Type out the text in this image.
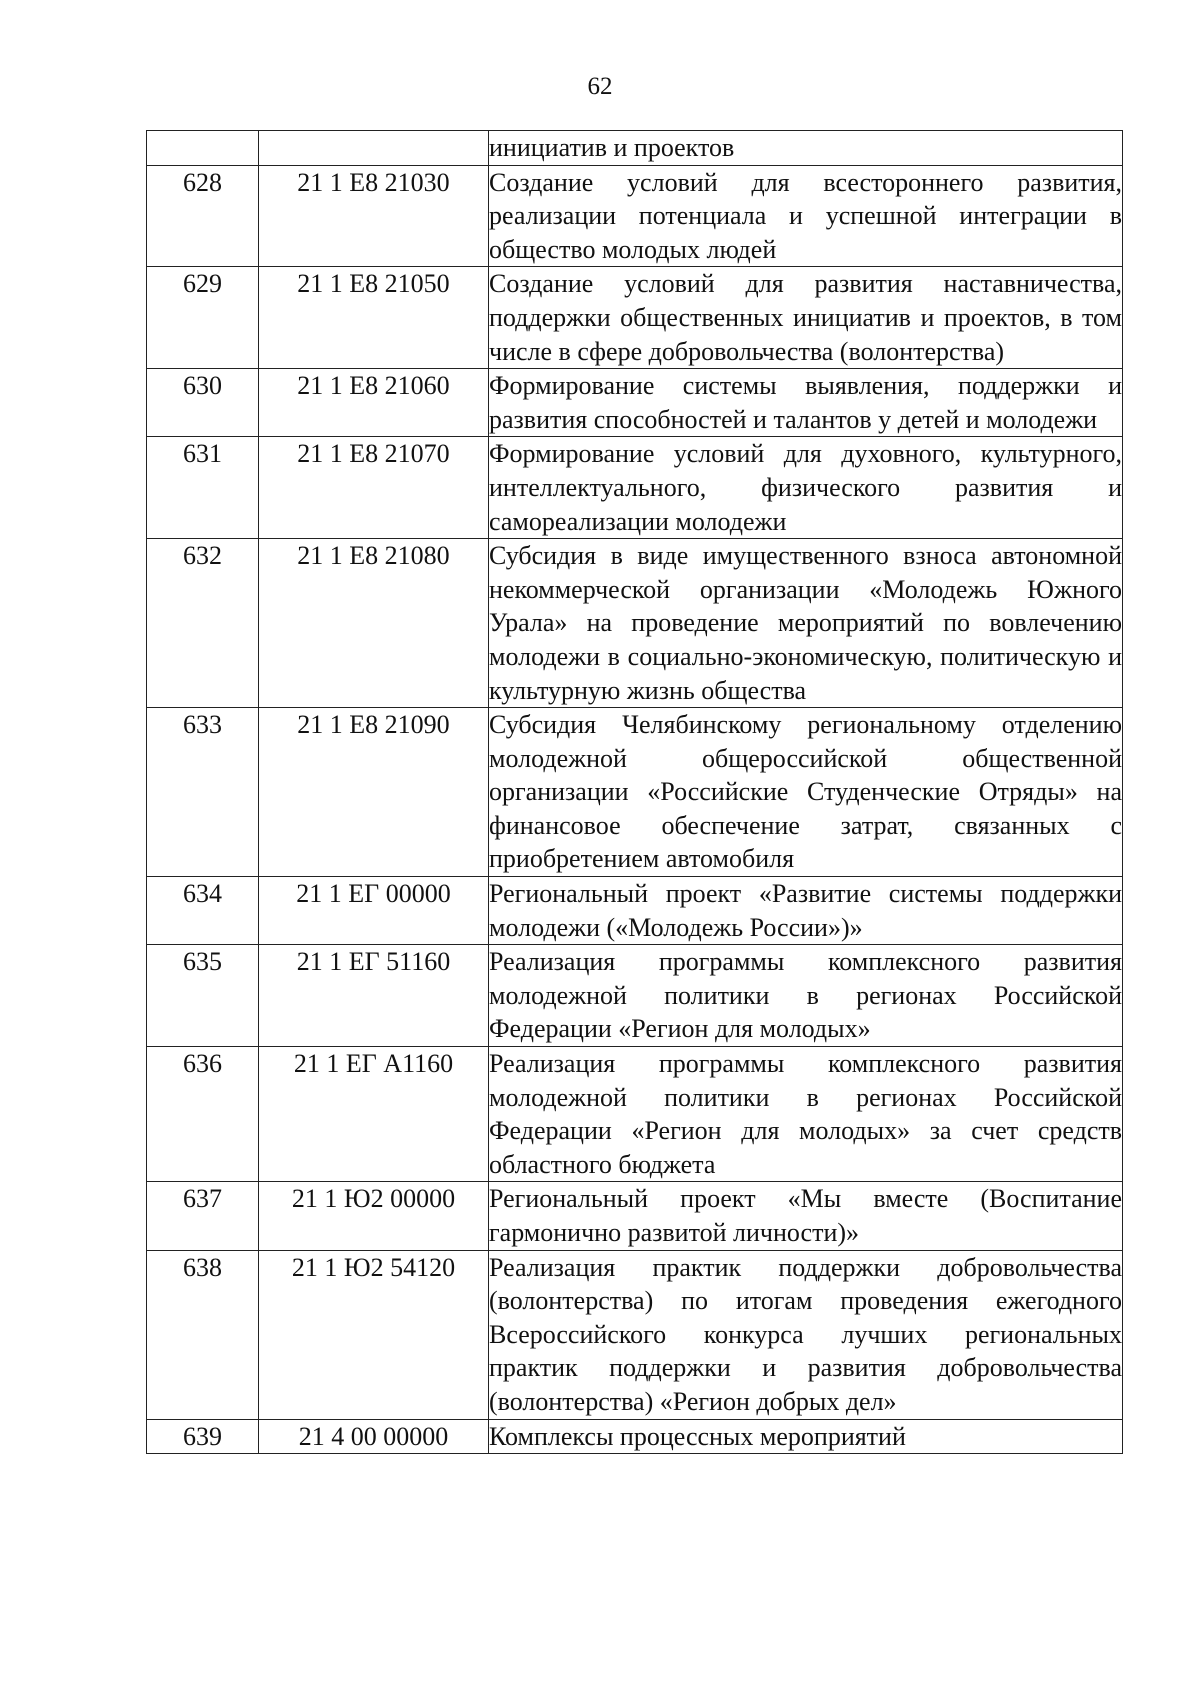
62
		инициатив и проектов
628	21 1 Е8 21030	Создание условий для всестороннего развития, реализации потенциала и успешной интеграции в общество молодых людей
629	21 1 Е8 21050	Создание условий для развития наставничества, поддержки общественных инициатив и проектов, в том числе в сфере добровольчества (волонтерства)
630	21 1 Е8 21060	Формирование системы выявления, поддержки и развития способностей и талантов у детей и молодежи
631	21 1 Е8 21070	Формирование условий для духовного, культурного, интеллектуального, физического развития и самореализации молодежи
632	21 1 Е8 21080	Субсидия в виде имущественного взноса автономной некоммерческой организации «Молодежь Южного Урала» на проведение мероприятий по вовлечению молодежи в социально-экономическую, политическую и культурную жизнь общества
633	21 1 Е8 21090	Субсидия Челябинскому региональному отделению молодежной общероссийской общественной организации «Российские Студенческие Отряды» на финансовое обеспечение затрат, связанных с приобретением автомобиля
634	21 1 ЕГ 00000	Региональный проект «Развитие системы поддержки молодежи («Молодежь России»)»
635	21 1 ЕГ 51160	Реализация программы комплексного развития молодежной политики в регионах Российской Федерации «Регион для молодых»
636	21 1 ЕГ А1160	Реализация программы комплексного развития молодежной политики в регионах Российской Федерации «Регион для молодых» за счет средств областного бюджета
637	21 1 Ю2 00000	Региональный проект «Мы вместе (Воспитание гармонично развитой личности)»
638	21 1 Ю2 54120	Реализация практик поддержки добровольчества (волонтерства) по итогам проведения ежегодного Всероссийского конкурса лучших региональных практик поддержки и развития добровольчества (волонтерства) «Регион добрых дел»
639	21 4 00 00000	Комплексы процессных мероприятий
